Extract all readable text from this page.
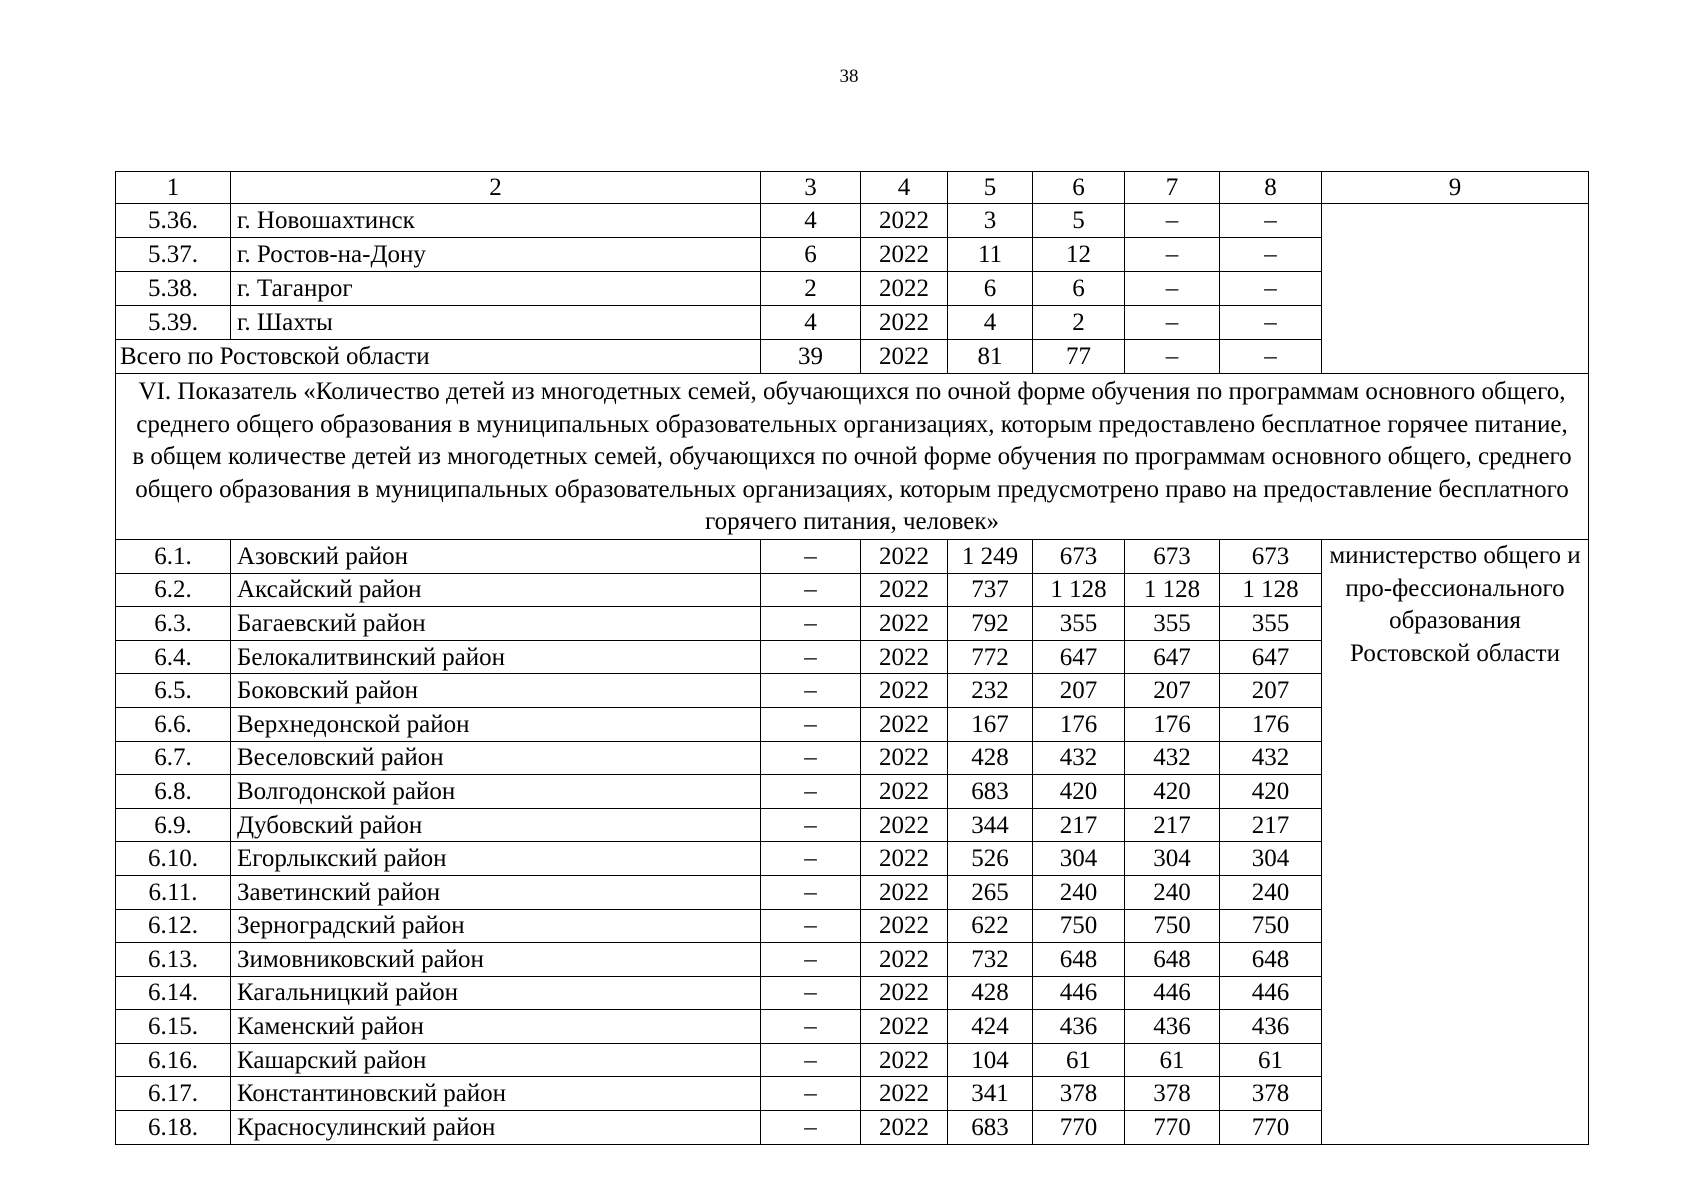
38
1	2	3	4	5	6	7	8	9
5.36.	г. Новошахтинск	4	2022	3	5	–	–	
5.37.	г. Ростов-на-Дону	6	2022	11	12	–	–	
5.38.	г. Таганрог	2	2022	6	6	–	–	
5.39.	г. Шахты	4	2022	4	2	–	–	
Всего по Ростовской области		39	2022	81	77	–	–	
VI. Показатель «Количество детей из многодетных семей, обучающихся по очной форме обучения по программам основного общего, среднего общего образования в муниципальных образовательных организациях, которым предоставлено бесплатное горячее питание, в общем количестве детей из многодетных семей, обучающихся по очной форме обучения по программам основного общего, среднего общего образования в муниципальных образовательных организациях, которым предусмотрено право на предоставление бесплатного горячего питания, человек»								
6.1.	Азовский район	–	2022	1 249	673	673	673	министерство общего и про-фессионального образования Ростовской области
6.2.	Аксайский район	–	2022	737	1 128	1 128	1 128	
6.3.	Багаевский район	–	2022	792	355	355	355	
6.4.	Белокалитвинский район	–	2022	772	647	647	647	
6.5.	Боковский район	–	2022	232	207	207	207	
6.6.	Верхнедонской район	–	2022	167	176	176	176	
6.7.	Веселовский район	–	2022	428	432	432	432	
6.8.	Волгодонской район	–	2022	683	420	420	420	
6.9.	Дубовский район	–	2022	344	217	217	217	
6.10.	Егорлыкский район	–	2022	526	304	304	304	
6.11.	Заветинский район	–	2022	265	240	240	240	
6.12.	Зерноградский район	–	2022	622	750	750	750	
6.13.	Зимовниковский район	–	2022	732	648	648	648	
6.14.	Кагальницкий район	–	2022	428	446	446	446	
6.15.	Каменский район	–	2022	424	436	436	436	
6.16.	Кашарский район	–	2022	104	61	61	61	
6.17.	Константиновский район	–	2022	341	378	378	378	
6.18.	Красносулинский район	–	2022	683	770	770	770	
